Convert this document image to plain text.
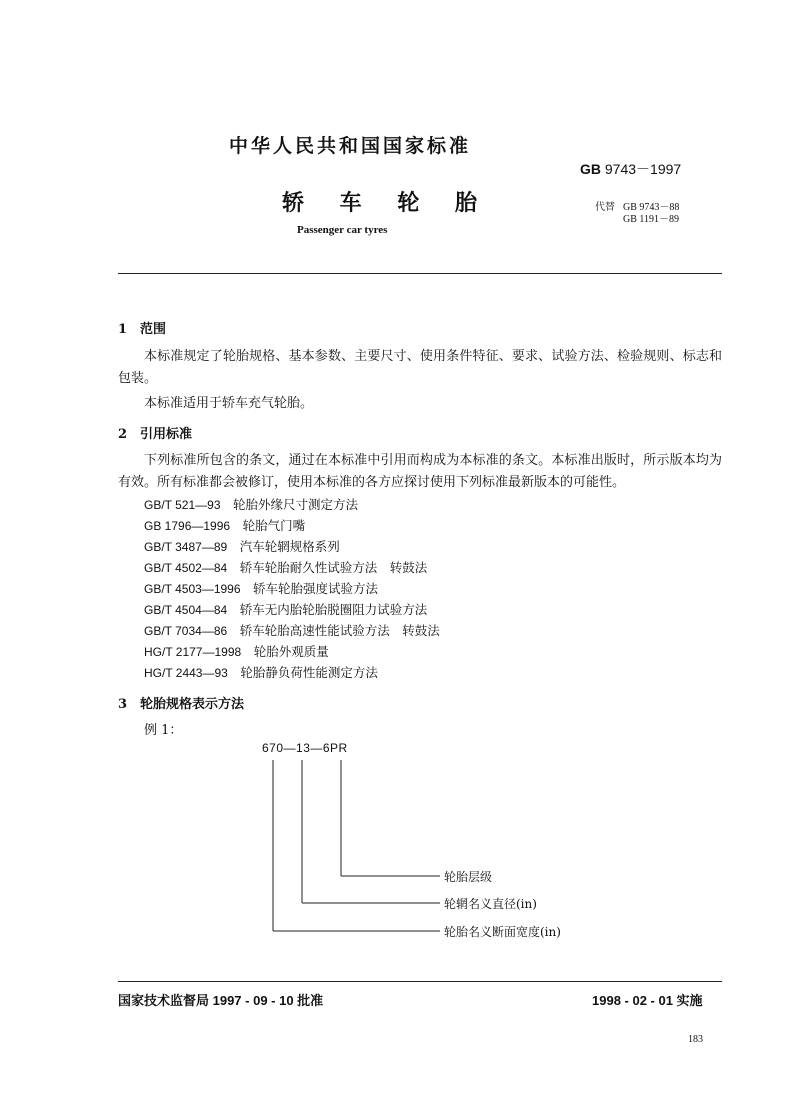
中华人民共和国国家标准
GB 9743－1997
轿 车 轮 胎
Passenger car tyres
代替 GB 9743－88
GB 1191－89
1 范围
本标准规定了轮胎规格、基本参数、主要尺寸、使用条件特征、要求、试验方法、检验规则、标志和包装。
本标准适用于轿车充气轮胎。
2 引用标准
下列标准所包含的条文，通过在本标准中引用而构成为本标准的条文。本标准出版时，所示版本均为有效。所有标准都会被修订，使用本标准的各方应探讨使用下列标准最新版本的可能性。
GB/T 521—93　 轮胎外缘尺寸测定方法
GB 1796—1996　 轮胎气门嘴
GB/T 3487—89　 汽车轮辋规格系列
GB/T 4502—84　 轿车轮胎耐久性试验方法　转鼓法
GB/T 4503—1996　 轿车轮胎强度试验方法
GB/T 4504—84　 轿车无内胎轮胎脱圈阻力试验方法
GB/T 7034—86　 轿车轮胎高速性能试验方法　转鼓法
HG/T 2177—1998　 轮胎外观质量
HG/T 2443—93　 轮胎静负荷性能测定方法
3 轮胎规格表示方法
例 1：
670—13—6PR
轮胎层级
轮辋名义直径(in)
轮胎名义断面宽度(in)
国家技术监督局 1997 - 09 - 10 批准	1998 - 02 - 01 实施
183
